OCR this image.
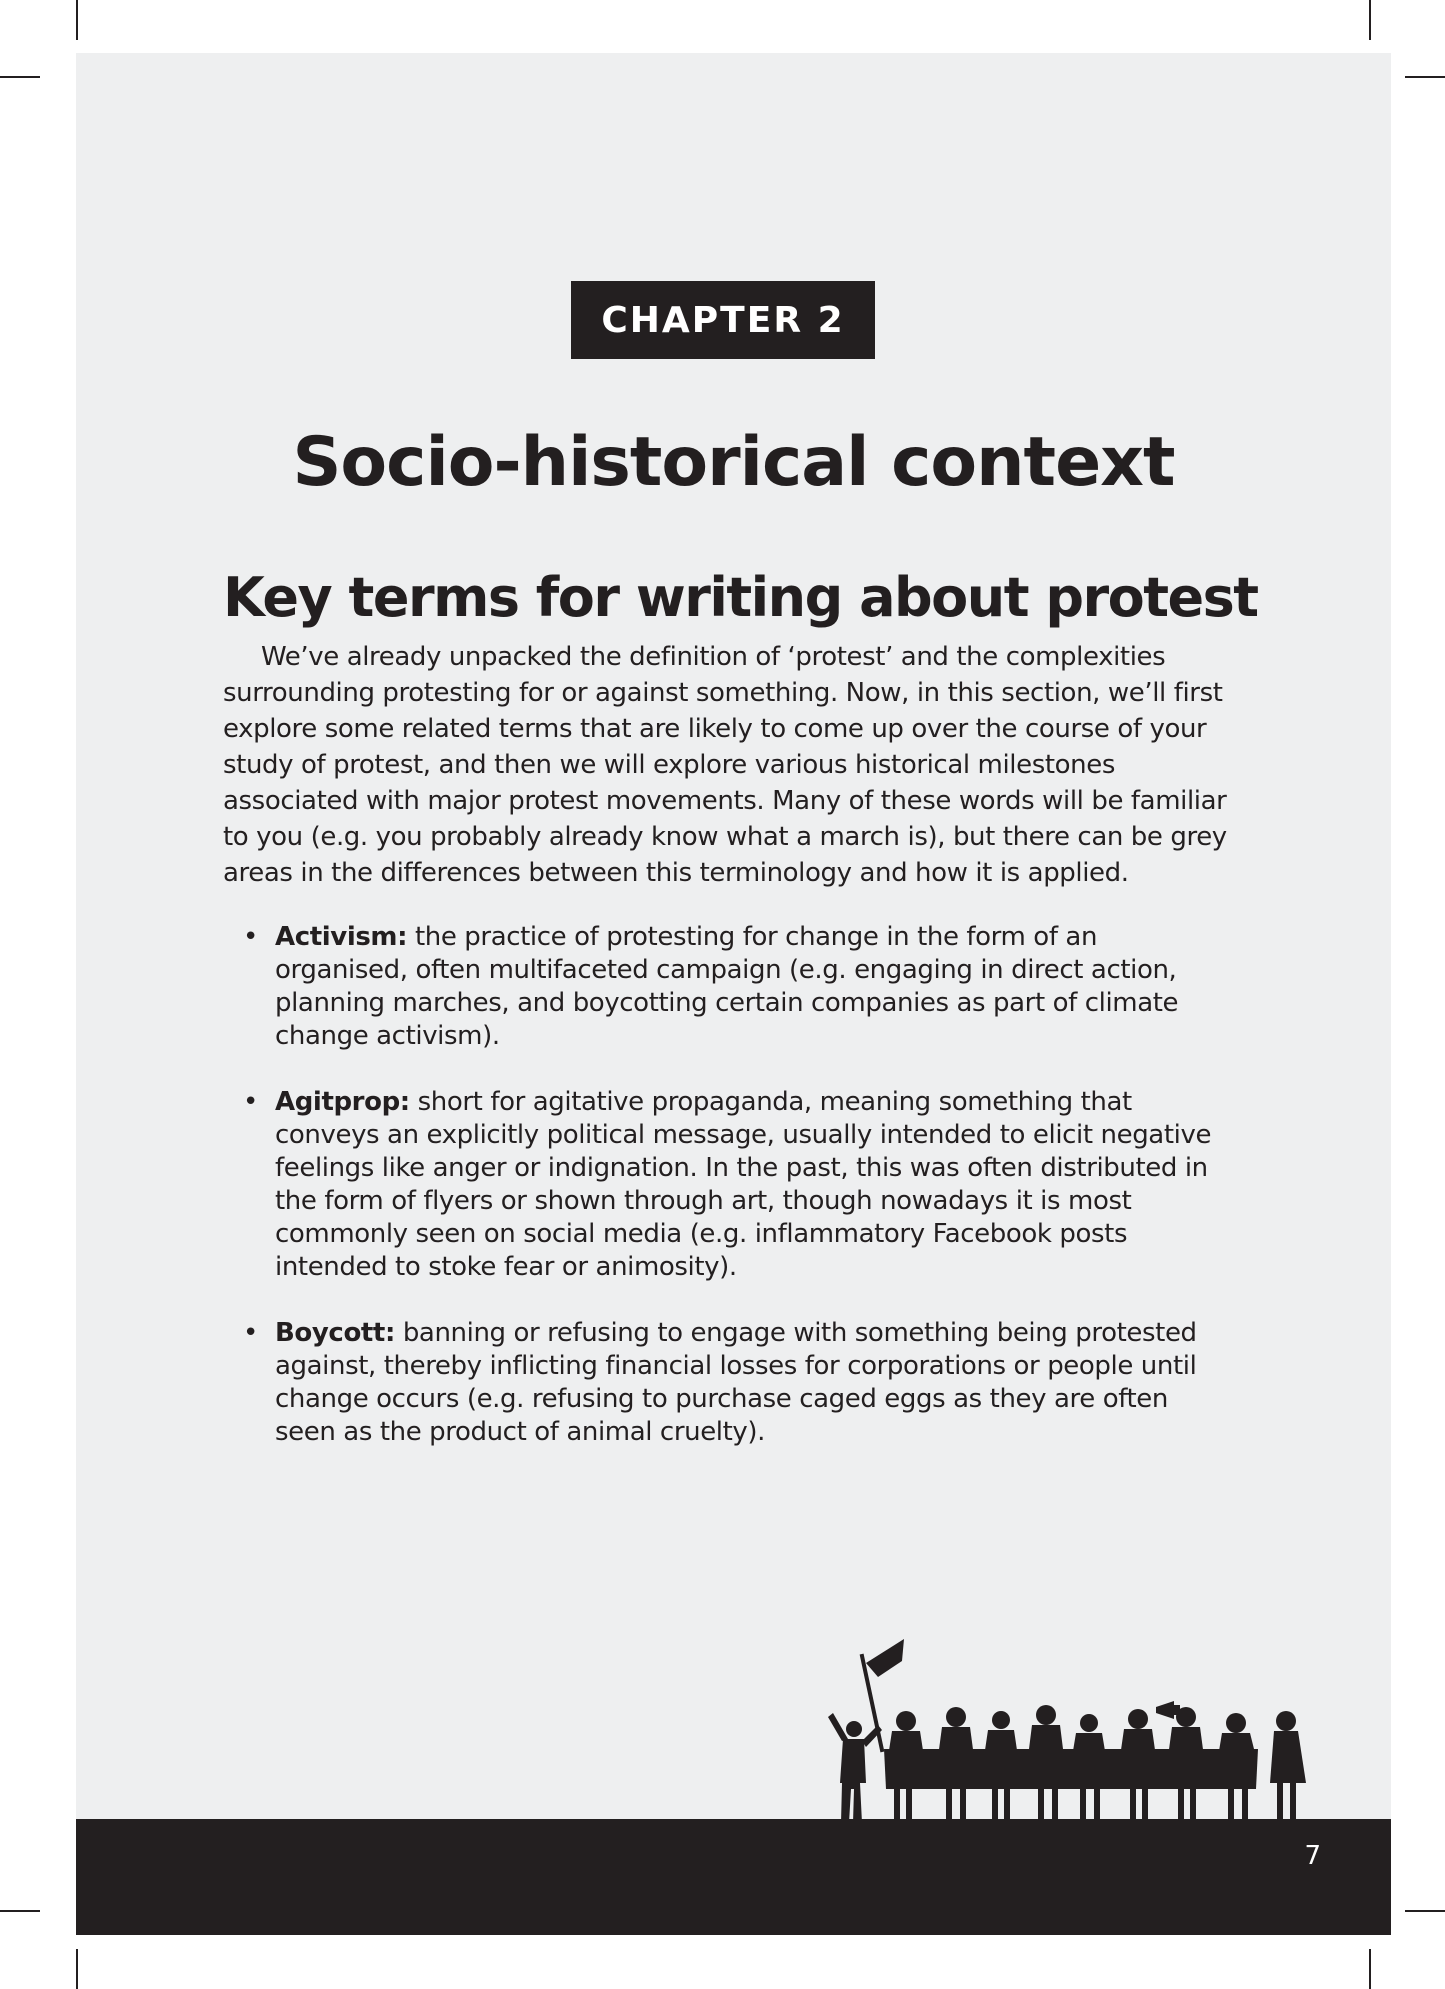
CHAPTER 2
Socio-historical context
Key terms for writing about protest

We’ve already unpacked the definition of ‘protest’ and the complexities surrounding protesting for or against something. Now, in this section, we’ll first explore some related terms that are likely to come up over the course of your study of protest, and then we will explore various historical milestones associated with major protest movements. Many of these words will be familiar to you (e.g. you probably already know what a march is), but there can be grey areas in the differences between this terminology and how it is applied.

• Activism: the practice of protesting for change in the form of an organised, often multifaceted campaign (e.g. engaging in direct action, planning marches, and boycotting certain companies as part of climate change activism).
• Agitprop: short for agitative propaganda, meaning something that conveys an explicitly political message, usually intended to elicit negative feelings like anger or indignation. In the past, this was often distributed in the form of flyers or shown through art, though nowadays it is most commonly seen on social media (e.g. inflammatory Facebook posts intended to stoke fear or animosity).
• Boycott: banning or refusing to engage with something being protested against, thereby inflicting financial losses for corporations or people until change occurs (e.g. refusing to purchase caged eggs as they are often seen as the product of animal cruelty).
7
